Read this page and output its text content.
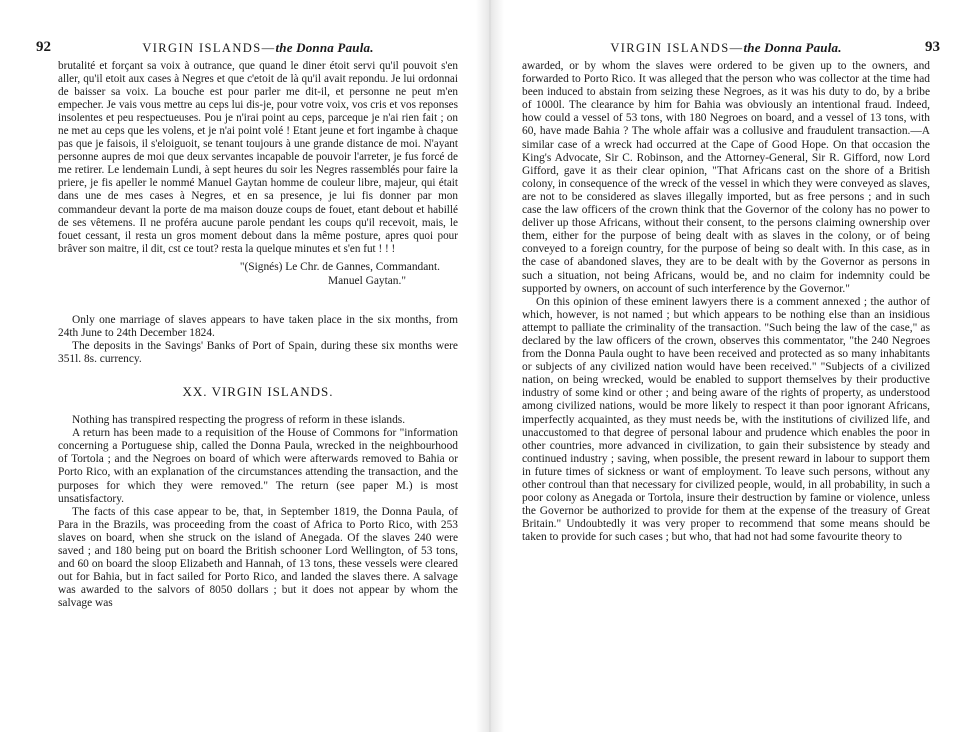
92	VIRGIN ISLANDS—the Donna Paula.

brutalité et forçant sa voix à outrance, que quand le diner étoit servi qu'il pouvoit s'en aller, qu'il etoit aux cases à Negres et que c'etoit de là qu'il avait repondu. Je lui ordonnai de baisser sa voix. La bouche est pour parler me dit-il, et personne ne peut m'en empecher. Je vais vous mettre au ceps lui dis-je, pour votre voix, vos cris et vos reponses insolentes et peu respectueuses. Pou je n'irai point au ceps, parceque je n'ai rien fait ; on ne met au ceps que les volens, et je n'ai point volé ! Etant jeune et fort ingambe à chaque pas que je faisois, il s'eloiguoit, se tenant toujours à une grande distance de moi. N'ayant personne aupres de moi que deux servantes incapable de pouvoir l'arreter, je fus forcé de me retirer. Le lendemain Lundi, à sept heures du soir les Negres rassemblés pour faire la priere, je fis apeller le nommé Manuel Gaytan homme de couleur libre, majeur, qui était dans une de mes cases à Negres, et en sa presence, je lui fis donner par mon commandeur devant la porte de ma maison douze coups de fouet, etant debout et habillé de ses vêtemens. Il ne proféra aucune parole pendant les coups qu'il recevoit, mais, le fouet cessant, il resta un gros moment debout dans la même posture, apres quoi pour brâver son maitre, il dit, cst ce tout? resta la quelque minutes et s'en fut ! ! !

"(Signés) Le Chr. de Gannes, Commandant.
Manuel Gaytan."

Only one marriage of slaves appears to have taken place in the six months, from 24th June to 24th December 1824.

The deposits in the Savings' Banks of Port of Spain, during these six months were 351l. 8s. currency.

XX. VIRGIN ISLANDS.

Nothing has transpired respecting the progress of reform in these islands.

A return has been made to a requisition of the House of Commons for "information concerning a Portuguese ship, called the Donna Paula, wrecked in the neighbourhood of Tortola ; and the Negroes on board of which were afterwards removed to Bahia or Porto Rico, with an explanation of the circumstances attending the transaction, and the purposes for which they were removed." The return (see paper M.) is most unsatisfactory.

The facts of this case appear to be, that, in September 1819, the Donna Paula, of Para in the Brazils, was proceeding from the coast of Africa to Porto Rico, with 253 slaves on board, when she struck on the island of Anegada. Of the slaves 240 were saved ; and 180 being put on board the British schooner Lord Wellington, of 53 tons, and 60 on board the sloop Elizabeth and Hannah, of 13 tons, these vessels were cleared out for Bahia, but in fact sailed for Porto Rico, and landed the slaves there. A salvage was awarded to the salvors of 8050 dollars ; but it does not appear by whom the salvage was

VIRGIN ISLANDS—the Donna Paula.	93

awarded, or by whom the slaves were ordered to be given up to the owners, and forwarded to Porto Rico. It was alleged that the person who was collector at the time had been induced to abstain from seizing these Negroes, as it was his duty to do, by a bribe of 1000l. The clearance by him for Bahia was obviously an intentional fraud. Indeed, how could a vessel of 53 tons, with 180 Negroes on board, and a vessel of 13 tons, with 60, have made Bahia ? The whole affair was a collusive and fraudulent transaction.—A similar case of a wreck had occurred at the Cape of Good Hope. On that occasion the King's Advocate, Sir C. Robinson, and the Attorney-General, Sir R. Gifford, now Lord Gifford, gave it as their clear opinion, "That Africans cast on the shore of a British colony, in consequence of the wreck of the vessel in which they were conveyed as slaves, are not to be considered as slaves illegally imported, but as free persons ; and in such case the law officers of the crown think that the Governor of the colony has no power to deliver up those Africans, without their consent, to the persons claiming ownership over them, either for the purpose of being dealt with as slaves in the colony, or of being conveyed to a foreign country, for the purpose of being so dealt with. In this case, as in the case of abandoned slaves, they are to be dealt with by the Governor as persons in such a situation, not being Africans, would be, and no claim for indemnity could be supported by owners, on account of such interference by the Governor."

On this opinion of these eminent lawyers there is a comment annexed ; the author of which, however, is not named ; but which appears to be nothing else than an insidious attempt to palliate the criminality of the transaction. "Such being the law of the case," as declared by the law officers of the crown, observes this commentator, "the 240 Negroes from the Donna Paula ought to have been received and protected as so many inhabitants or subjects of any civilized nation would have been received." "Subjects of a civilized nation, on being wrecked, would be enabled to support themselves by their productive industry of some kind or other ; and being aware of the rights of property, as understood among civilized nations, would be more likely to respect it than poor ignorant Africans, imperfectly acquainted, as they must needs be, with the institutions of civilized life, and unaccustomed to that degree of personal labour and prudence which enables the poor in other countries, more advanced in civilization, to gain their subsistence by steady and continued industry ; saving, when possible, the present reward in labour to support them in future times of sickness or want of employment. To leave such persons, without any other controul than that necessary for civilized people, would, in all probability, in such a poor colony as Anegada or Tortola, insure their destruction by famine or violence, unless the Governor be authorized to provide for them at the expense of the treasury of Great Britain." Undoubtedly it was very proper to recommend that some means should be taken to provide for such cases ; but who, that had not had some favourite theory to
